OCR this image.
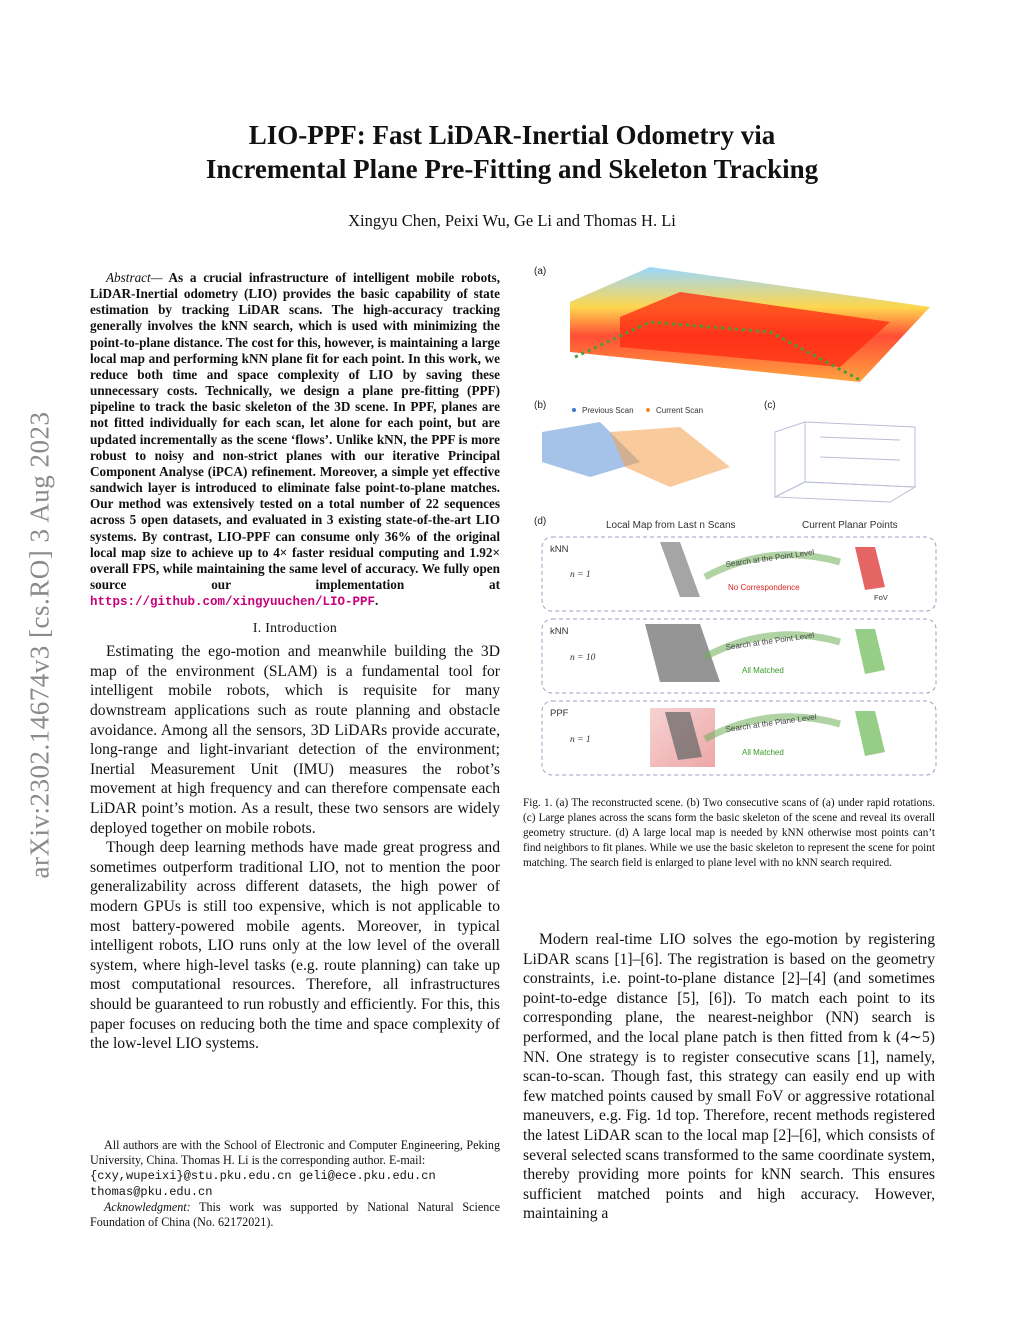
arXiv:2302.14674v3 [cs.RO] 3 Aug 2023
LIO-PPF: Fast LiDAR-Inertial Odometry via
Incremental Plane Pre-Fitting and Skeleton Tracking
Xingyu Chen, Peixi Wu, Ge Li and Thomas H. Li

Abstract— As a crucial infrastructure of intelligent mobile robots, LiDAR-Inertial odometry (LIO) provides the basic capability of state estimation by tracking LiDAR scans. The high-accuracy tracking generally involves the kNN search, which is used with minimizing the point-to-plane distance. The cost for this, however, is maintaining a large local map and performing kNN plane fit for each point. In this work, we reduce both time and space complexity of LIO by saving these unnecessary costs. Technically, we design a plane pre-fitting (PPF) pipeline to track the basic skeleton of the 3D scene. In PPF, planes are not fitted individually for each scan, let alone for each point, but are updated incrementally as the scene ‘flows’. Unlike kNN, the PPF is more robust to noisy and non-strict planes with our iterative Principal Component Analyse (iPCA) refinement. Moreover, a simple yet effective sandwich layer is introduced to eliminate false point-to-plane matches. Our method was extensively tested on a total number of 22 sequences across 5 open datasets, and evaluated in 3 existing state-of-the-art LIO systems. By contrast, LIO-PPF can consume only 36% of the original local map size to achieve up to 4× faster residual computing and 1.92× overall FPS, while maintaining the same level of accuracy. We fully open source our implementation at https://github.com/xingyuuchen/LIO-PPF.

I. Introduction

Estimating the ego-motion and meanwhile building the 3D map of the environment (SLAM) is a fundamental tool for intelligent mobile robots, which is requisite for many downstream applications such as route planning and obstacle avoidance. Among all the sensors, 3D LiDARs provide accurate, long-range and light-invariant detection of the environment; Inertial Measurement Unit (IMU) measures the robot’s movement at high frequency and can therefore compensate each LiDAR point’s motion. As a result, these two sensors are widely deployed together on mobile robots.

Though deep learning methods have made great progress and sometimes outperform traditional LIO, not to mention the poor generalizability across different datasets, the high power of modern GPUs is still too expensive, which is not applicable to most battery-powered mobile agents. Moreover, in typical intelligent robots, LIO runs only at the low level of the overall system, where high-level tasks (e.g. route planning) can take up most computational resources. Therefore, all infrastructures should be guaranteed to run robustly and efficiently. For this, this paper focuses on reducing both the time and space complexity of the low-level LIO systems.

All authors are with the School of Electronic and Computer Engineering, Peking University, China. Thomas H. Li is the corresponding author. E-mail:
{cxy,wupeixi}@stu.pku.edu.cn geli@ece.pku.edu.cn
thomas@pku.edu.cn

Acknowledgment: This work was supported by National Natural Science Foundation of China (No. 62172021).

(a)
(b)	Previous Scan	Current Scan	(c)
(d)	Local Map from Last n Scans	Current Planar Points
kNN
n = 1
Search at the Point Level
No Correspondence
FoV
kNN
n = 10
Search at the Point Level
All Matched
PPF
n = 1
Search at the Plane Level
All Matched
Fig. 1. (a) The reconstructed scene. (b) Two consecutive scans of (a) under rapid rotations. (c) Large planes across the scans form the basic skeleton of the scene and reveal its overall geometry structure. (d) A large local map is needed by kNN otherwise most points can’t find neighbors to fit planes. While we use the basic skeleton to represent the scene for point matching. The search field is enlarged to plane level with no kNN search required.

Modern real-time LIO solves the ego-motion by registering LiDAR scans [1]–[6]. The registration is based on the geometry constraints, i.e. point-to-plane distance [2]–[4] (and sometimes point-to-edge distance [5], [6]). To match each point to its corresponding plane, the nearest-neighbor (NN) search is performed, and the local plane patch is then fitted from k (4∼5) NN. One strategy is to register consecutive scans [1], namely, scan-to-scan. Though fast, this strategy can easily end up with few matched points caused by small FoV or aggressive rotational maneuvers, e.g. Fig. 1d top. Therefore, recent methods registered the latest LiDAR scan to the local map [2]–[6], which consists of several selected scans transformed to the same coordinate system, thereby providing more points for kNN search. This ensures sufficient matched points and high accuracy. However, maintaining a
